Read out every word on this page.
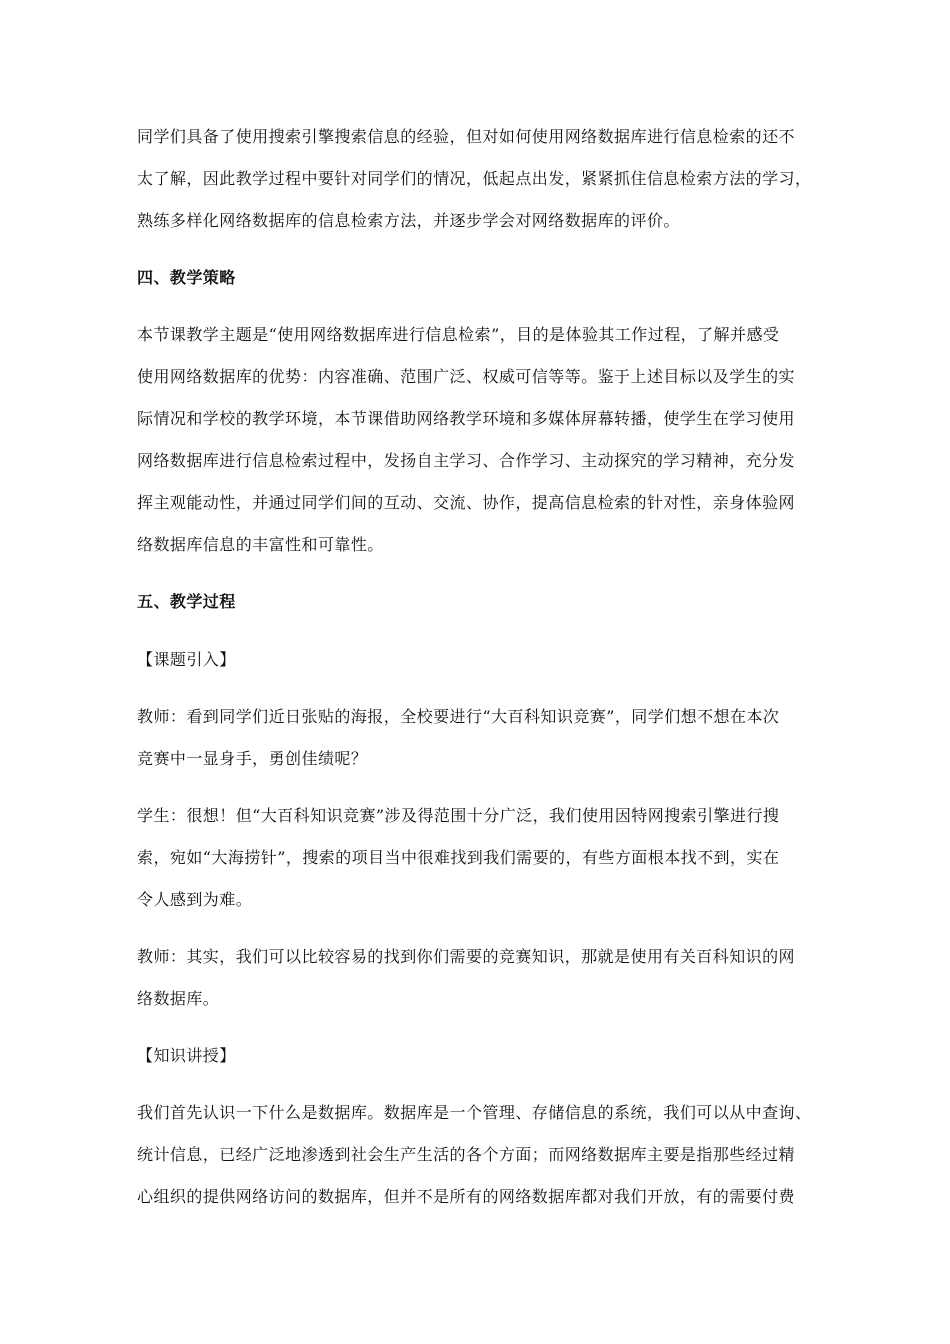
同学们具备了使用搜索引擎搜索信息的经验，但对如何使用网络数据库进行信息检索的还不
太了解，因此教学过程中要针对同学们的情况，低起点出发，紧紧抓住信息检索方法的学习，
熟练多样化网络数据库的信息检索方法，并逐步学会对网络数据库的评价。
四、教学策略
本节课教学主题是“使用网络数据库进行信息检索”，目的是体验其工作过程，了解并感受
使用网络数据库的优势：内容准确、范围广泛、权威可信等等。鉴于上述目标以及学生的实
际情况和学校的教学环境，本节课借助网络教学环境和多媒体屏幕转播，使学生在学习使用
网络数据库进行信息检索过程中，发扬自主学习、合作学习、主动探究的学习精神，充分发
挥主观能动性，并通过同学们间的互动、交流、协作，提高信息检索的针对性，亲身体验网
络数据库信息的丰富性和可靠性。
五、教学过程
【课题引入】
教师：看到同学们近日张贴的海报，全校要进行“大百科知识竞赛”，同学们想不想在本次
竞赛中一显身手，勇创佳绩呢？
学生：很想！但“大百科知识竞赛”涉及得范围十分广泛，我们使用因特网搜索引擎进行搜
索，宛如“大海捞针”，搜索的项目当中很难找到我们需要的，有些方面根本找不到，实在
令人感到为难。
教师：其实，我们可以比较容易的找到你们需要的竞赛知识，那就是使用有关百科知识的网
络数据库。
【知识讲授】
我们首先认识一下什么是数据库。数据库是一个管理、存储信息的系统，我们可以从中查询、
统计信息，已经广泛地渗透到社会生产生活的各个方面；而网络数据库主要是指那些经过精
心组织的提供网络访问的数据库，但并不是所有的网络数据库都对我们开放，有的需要付费
